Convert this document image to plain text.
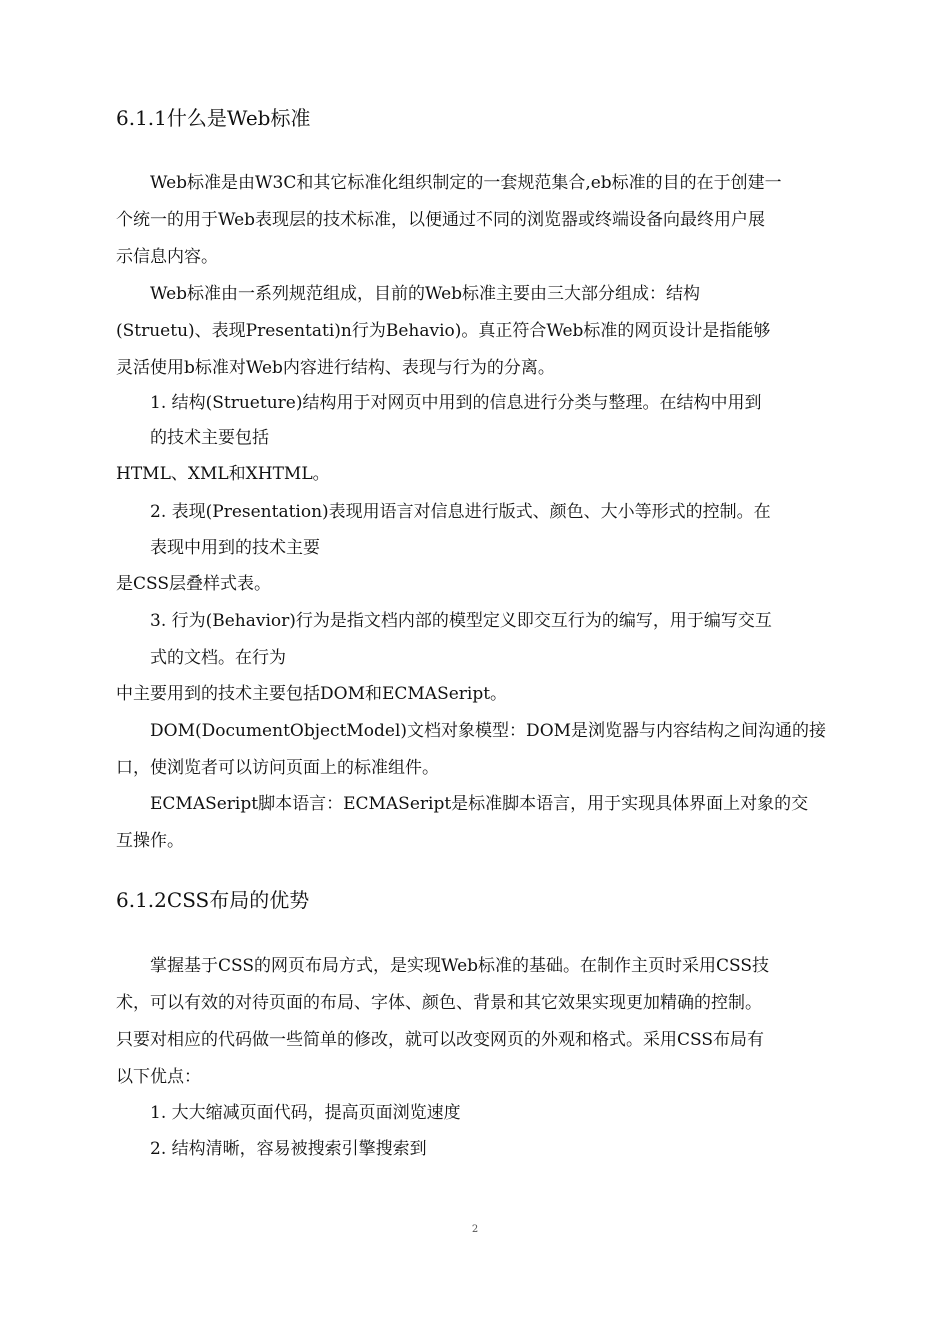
6.1.1什么是Web标准
Web标准是由W3C和其它标准化组织制定的一套规范集合,eb标准的目的在于创建一
个统一的用于Web表现层的技术标准，以便通过不同的浏览器或终端设备向最终用户展
示信息内容。
Web标准由一系列规范组成，目前的Web标准主要由三大部分组成：结构
(Struetu)、表现Presentati)n行为Behavio)。真正符合Web标准的网页设计是指能够
灵活使用b标准对Web内容进行结构、表现与行为的分离。
1. 结构(Strueture)结构用于对网页中用到的信息进行分类与整理。在结构中用到
的技术主要包括
HTML、XML和XHTML。
2. 表现(Presentation)表现用语言对信息进行版式、颜色、大小等形式的控制。在
表现中用到的技术主要
是CSS层叠样式表。
3. 行为(Behavior)行为是指文档内部的模型定义即交互行为的编写，用于编写交互
式的文档。在行为
中主要用到的技术主要包括DOM和ECMASeript。
DOM(DocumentObjectModel)文档对象模型：DOM是浏览器与内容结构之间沟通的接
口，使浏览者可以访问页面上的标准组件。
ECMASeript脚本语言：ECMASeript是标准脚本语言，用于实现具体界面上对象的交
互操作。
6.1.2CSS布局的优势
掌握基于CSS的网页布局方式，是实现Web标准的基础。在制作主页时采用CSS技
术，可以有效的对待页面的布局、字体、颜色、背景和其它效果实现更加精确的控制。
只要对相应的代码做一些简单的修改，就可以改变网页的外观和格式。采用CSS布局有
以下优点：
1. 大大缩减页面代码，提高页面浏览速度
2. 结构清晰，容易被搜索引擎搜索到
2
